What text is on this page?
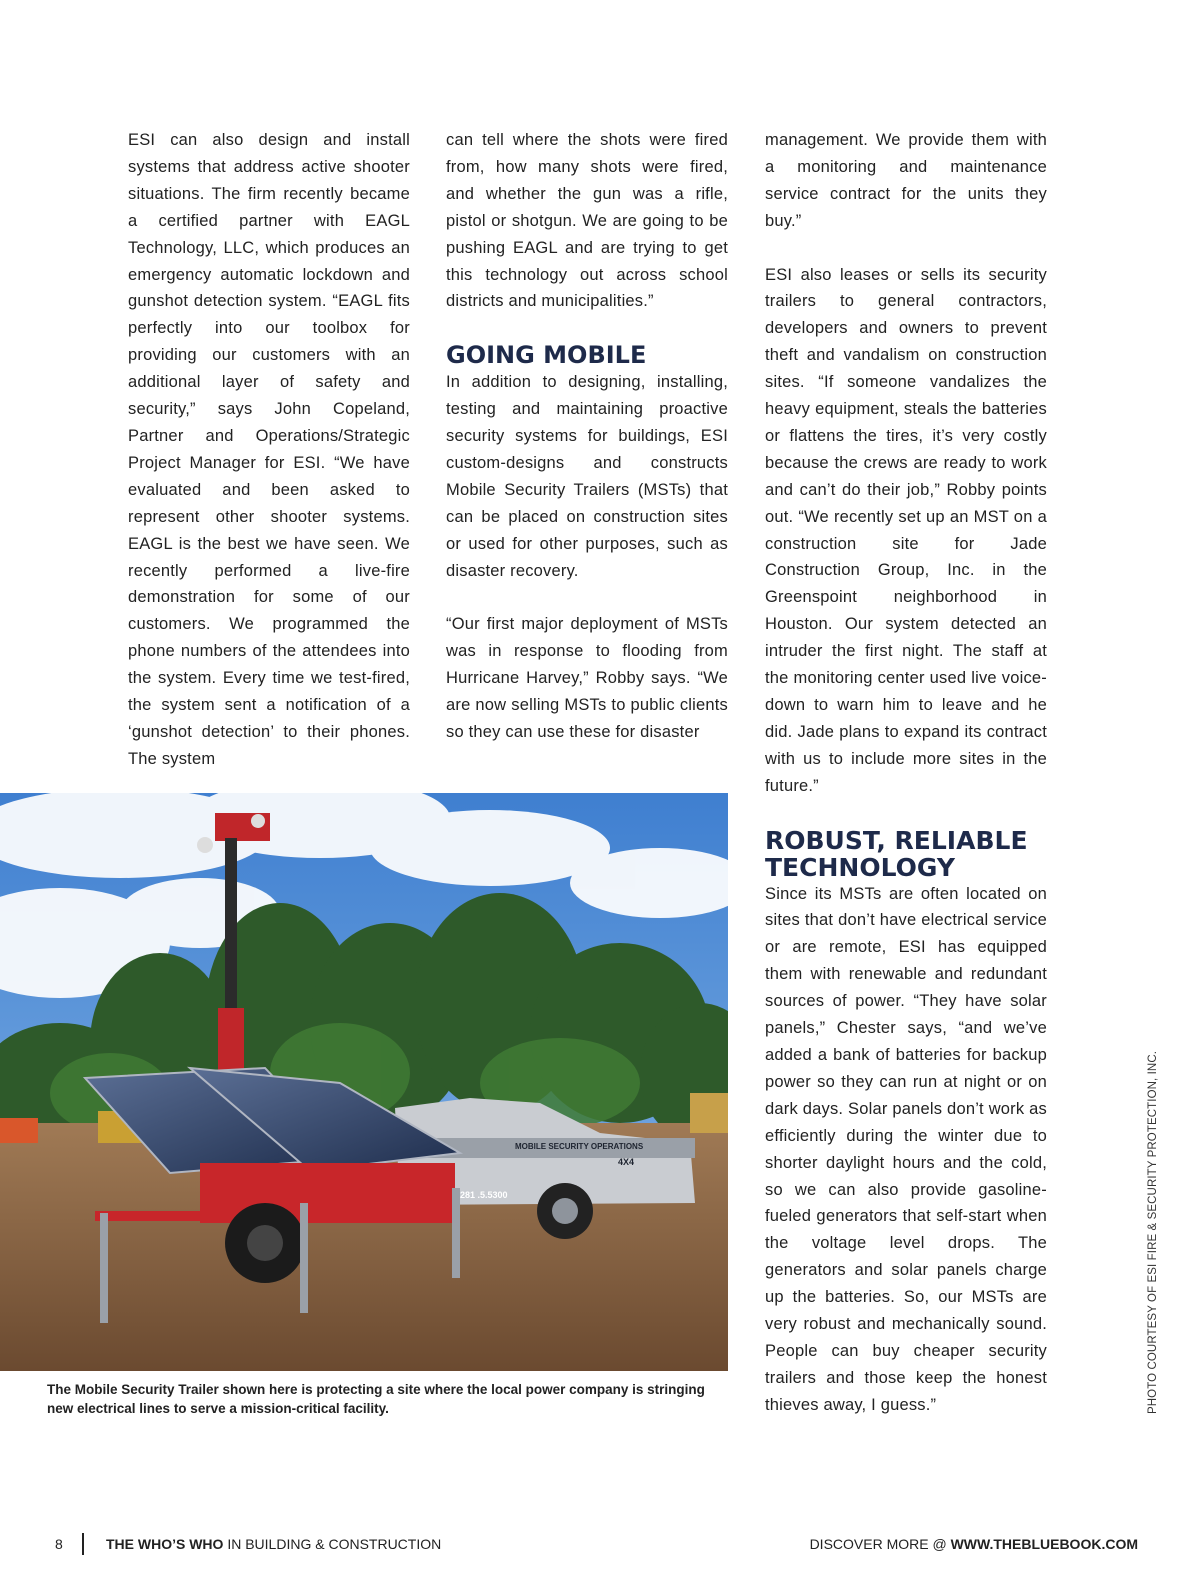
ESI can also design and install systems that address active shooter situations. The firm recently became a certified partner with EAGL Technology, LLC, which produces an emergency automatic lockdown and gunshot detection system. “EAGL fits perfectly into our toolbox for providing our customers with an additional layer of safety and security,” says John Copeland, Partner and Operations/Strategic Project Manager for ESI. “We have evaluated and been asked to represent other shooter systems. EAGL is the best we have seen. We recently performed a live-fire demonstration for some of our customers. We programmed the phone numbers of the attendees into the system. Every time we test-fired, the system sent a notification of a ‘gunshot detection’ to their phones. The system

can tell where the shots were fired from, how many shots were fired, and whether the gun was a rifle, pistol or shotgun. We are going to be pushing EAGL and are trying to get this technology out across school districts and municipalities.”

GOING MOBILE

In addition to designing, installing, testing and maintaining proactive security systems for buildings, ESI custom-designs and constructs Mobile Security Trailers (MSTs) that can be placed on construction sites or used for other purposes, such as disaster recovery.

“Our first major deployment of MSTs was in response to flooding from Hurricane Harvey,” Robby says. “We are now selling MSTs to public clients so they can use these for disaster

management. We provide them with a monitoring and maintenance service contract for the units they buy.”

ESI also leases or sells its security trailers to general contractors, developers and owners to prevent theft and vandalism on construction sites. “If someone vandalizes the heavy equipment, steals the batteries or flattens the tires, it’s very costly because the crews are ready to work and can’t do their job,” Robby points out. “We recently set up an MST on a construction site for Jade Construction Group, Inc. in the Greenspoint neighborhood in Houston. Our system detected an intruder the first night. The staff at the monitoring center used live voice-down to warn him to leave and he did. Jade plans to expand its contract with us to include more sites in the future.”

ROBUST, RELIABLE TECHNOLOGY

Since its MSTs are often located on sites that don’t have electrical service or are remote, ESI has equipped them with renewable and redundant sources of power. “They have solar panels,” Chester says, “and we’ve added a bank of batteries for backup power so they can run at night or on dark days. Solar panels don’t work as efficiently during the winter due to shorter daylight hours and the cold, so we can also provide gasoline-fueled generators that self-start when the voltage level drops. The generators and solar panels charge up the batteries. So, our MSTs are very robust and mechanically sound. People can buy cheaper security trailers and those keep the honest thieves away, I guess.”

MOBILE SECURITY OPERATIONS
4X4
281 .5.5300
The Mobile Security Trailer shown here is protecting a site where the local power company is stringing new electrical lines to serve a mission-critical facility.	PHOTO COURTESY OF ESI FIRE & SECURITY PROTECTION, INC.
8	THE WHO’S WHO IN BUILDING & CONSTRUCTION	DISCOVER MORE @ WWW.THEBLUEBOOK.COM
